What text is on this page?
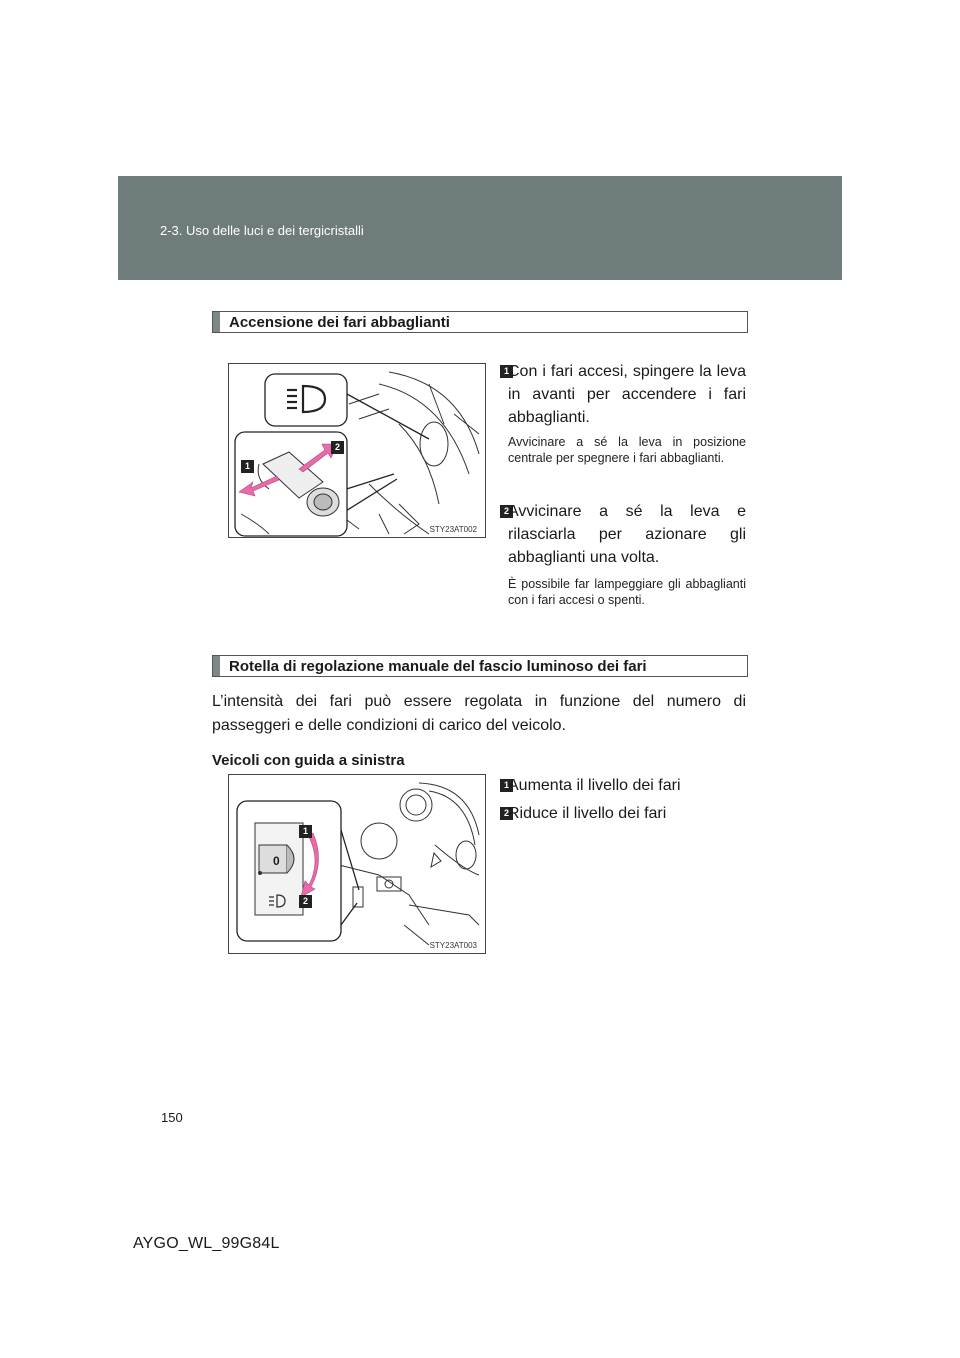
2-3. Uso delle luci e dei tergicristalli
Accensione dei fari abbaglianti
2
1
STY23AT002
1 Con i fari accesi, spingere la leva in avanti per accendere i fari abbaglianti.
Avvicinare a sé la leva in posizione centrale per spegnere i fari abbaglianti.
2 Avvicinare a sé la leva e rilasciarla per azionare gli abbaglianti una volta.
È possibile far lampeggiare gli abbaglianti con i fari accesi o spenti.
Rotella di regolazione manuale del fascio luminoso dei fari
L’intensità dei fari può essere regolata in funzione del numero di passeggeri e delle condizioni di carico del veicolo.
Veicoli con guida a sinistra
0
1
2
STY23AT003
1 Aumenta il livello dei fari
2 Riduce il livello dei fari
150
AYGO_WL_99G84L
